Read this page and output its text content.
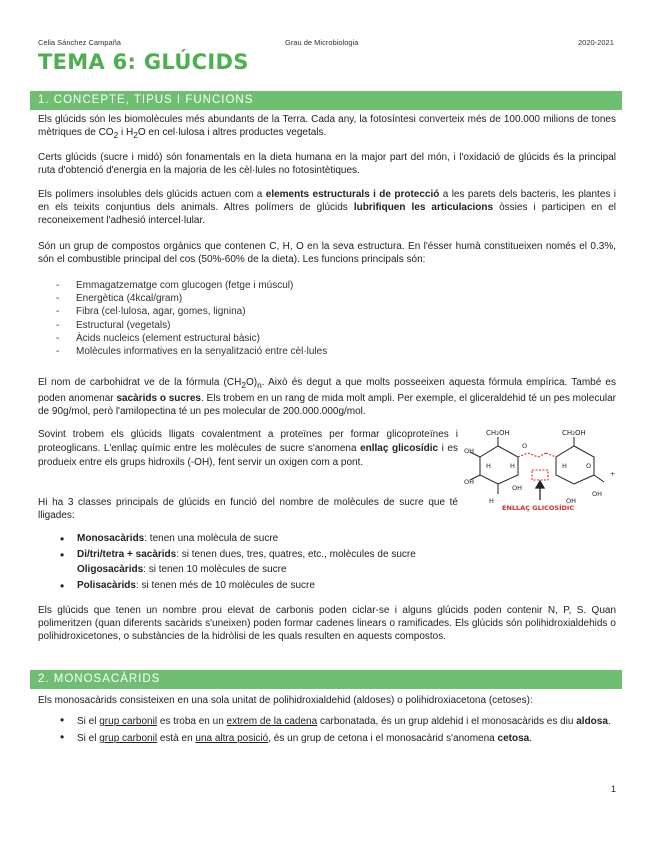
Celia Sánchez Campaña	Grau de Microbiologia	2020-2021
TEMA 6: GLÚCIDS
1. CONCEPTE, TIPUS I FUNCIONS

Els glúcids són les biomolècules més abundants de la Terra. Cada any, la fotosíntesi converteix més de 100.000 milions de tones mètriques de $CO_2$ i $H_2O$ en cel·lulosa i altres productes vegetals.

Certs glúcids (sucre i midó) són fonamentals en la dieta humana en la major part del món, i l'oxidació de glúcids és la principal ruta d'obtenció d'energia en la majoria de les cèl·lules no fotosintètiques.

Els polímers insolubles dels glúcids actuen com a elements estructurals i de protecció a les parets dels bacteris, les plantes i en els teixits conjuntius dels animals. Altres polímers de glúcids lubrifiquen les articulacions òssies i participen en el reconeixement l'adhesió intercel·lular.

Són un grup de compostos orgànics que contenen C, H, O en la seva estructura. En l'ésser humà constitueixen només el 0.3%, són el combustible principal del cos (50%-60% de la dieta). Les funcions principals són:

- Emmagatzematge com glucogen (fetge i múscul)
- Energètica (4kcal/gram)
- Fibra (cel·lulosa, agar, gomes, lignina)
- Estructural (vegetals)
- Àcids nucleics (element estructural bàsic)
- Molècules informatives en la senyalització entre cèl·lules

El nom de carbohidrat ve de la fórmula $(CH_2O)_n$. Això és degut a que molts posseeixen aquesta fórmula empírica. També es poden anomenar sacàrids o sucres. Els trobem en un rang de mida molt ampli. Per exemple, el gliceraldehid té un pes molecular de 90g/mol, però l'amilopectina té un pes molecular de 200.000.000g/mol.

Sovint trobem els glúcids lligats covalentment a proteïnes per formar glicoproteïnes i proteoglicans. L'enllaç químic entre les molècules de sucre s'anomena enllaç glicosídic i es produeix entre els grups hidroxils (-OH), fent servir un oxigen com a pont.

CH₂OH	CH₂OH
OH
OH
H	H
H
OH
O
H	O
OH
OH
+
ENLLAÇ GLICOSÍDIC

Hi ha 3 classes principals de glúcids en funció del nombre de molècules de sucre que té lligades:

• Monosacàrids: tenen una molècula de sucre
• Di/tri/tetra + sacàrids: si tenen dues, tres, quatres, etc., molècules de sucre
Oligosacàrids: si tenen 10 molècules de sucre
• Polisacàrids: si tenen més de 10 molècules de sucre

Els glúcids que tenen un nombre prou elevat de carbonis poden ciclar-se i alguns glúcids poden contenir N, P, S. Quan polimeritzen (quan diferents sacàrids s'uneixen) poden formar cadenes linears o ramificades. Els glúcids són polihidroxialdehids o polihidroxicetones, o substàncies de la hidròlisi de les quals resulten en aquests compostos.

2. MONOSACÀRIDS

Els monosacàrids consisteixen en una sola unitat de polihidroxialdehid (aldoses) o polihidroxiacetona (cetoses):

• Si el grup carbonil es troba en un extrem de la cadena carbonatada, és un grup aldehid i el monosacàrids es diu aldosa.
• Si el grup carbonil està en una altra posició, és un grup de cetona i el monosacàrid s'anomena cetosa.
1
